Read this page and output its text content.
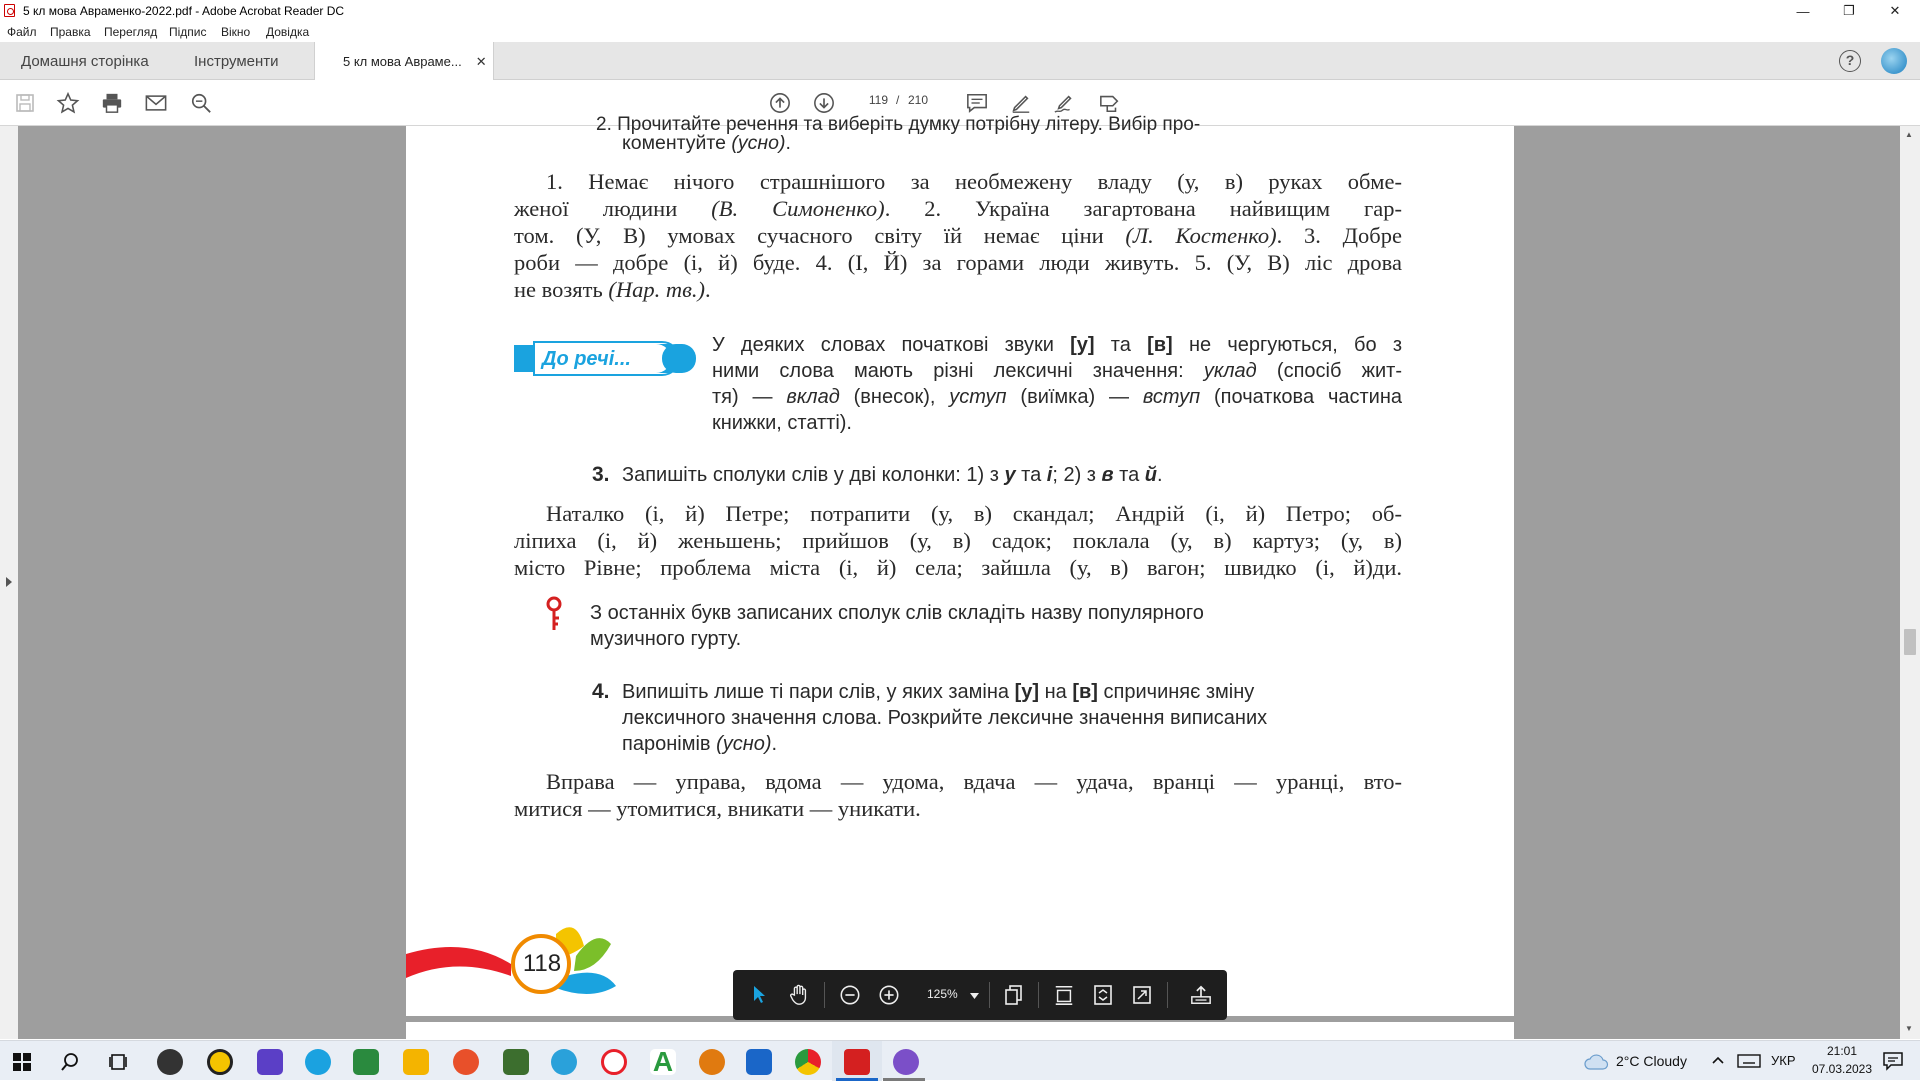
5 кл мова Авраменко-2022.pdf - Adobe Acrobat Reader DC	—	❐	✕
Файл Правка Перегляд Підпис Вікно Довідка
Домашня сторінка	Інструменти	5 кл мова Авраме... ✕	?
119 / 210
2. Прочитайте речення та виберіть думку потрібну літеру. Вибір про-
коментуйте (усно).
1. Немає нічого страшнішого за необмежену владу (у, в) руках обме-
женої людини (В. Симоненко). 2. Україна загартована найвищим гар-
том. (У, В) умовах сучасного світу їй немає ціни (Л. Костенко). 3. Добре
роби — добре (і, й) буде. 4. (І, Й) за горами люди живуть. 5. (У, В) ліс дрова
не возять (Нар. тв.).
До речі...
У деяких словах початкові звуки [у] та [в] не чергуються, бо з
ними слова мають різні лексичні значення: уклад (спосіб жит-
тя) — вклад (внесок), уступ (виїмка) — вступ (початкова частина
книжки, статті).
3. Запишіть сполуки слів у дві колонки: 1) з у та і; 2) з в та й.
Наталко (і, й) Петре; потрапити (у, в) скандал; Андрій (і, й) Петро; об-
ліпиха (і, й) женьшень; прийшов (у, в) садок; поклала (у, в) картуз; (у, в)
місто Рівне; проблема міста (і, й) села; зайшла (у, в) вагон; швидко (і, й)ди.
З останніх букв записаних сполук слів складіть назву популярного
музичного гурту.
4. Випишіть лише ті пари слів, у яких заміна [у] на [в] спричиняє зміну
лексичного значення слова. Розкрийте лексичне значення виписаних
паронімів (усно).
Вправа — управа, вдома — удома, вдача — удача, вранці — уранці, вто-
митися — утомитися, вникати — уникати.
118
▲
▼
125%
A	2°C Cloudy	УКР
21:01
07.03.2023
